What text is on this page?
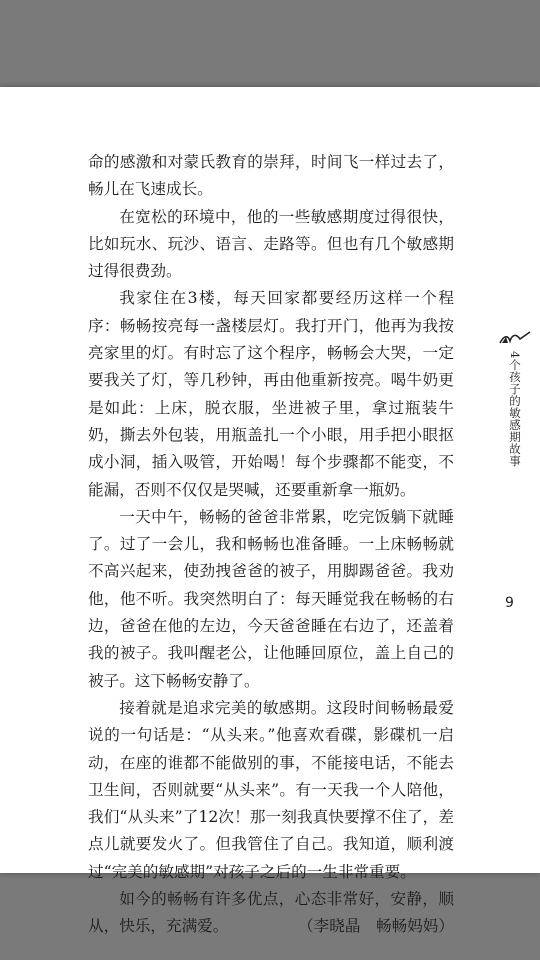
命的感激和对蒙氏教育的崇拜，时间飞一样过去了，畅儿在飞速成长。

在宽松的环境中，他的一些敏感期度过得很快，比如玩水、玩沙、语言、走路等。但也有几个敏感期过得很费劲。

我家住在3楼，每天回家都要经历这样一个程序：畅畅按亮每一盏楼层灯。我打开门，他再为我按亮家里的灯。有时忘了这个程序，畅畅会大哭，一定要我关了灯，等几秒钟，再由他重新按亮。喝牛奶更是如此：上床，脱衣服，坐进被子里，拿过瓶装牛奶，撕去外包装，用瓶盖扎一个小眼，用手把小眼抠成小洞，插入吸管，开始喝！每个步骤都不能变，不能漏，否则不仅仅是哭喊，还要重新拿一瓶奶。

一天中午，畅畅的爸爸非常累，吃完饭躺下就睡了。过了一会儿，我和畅畅也准备睡。一上床畅畅就不高兴起来，使劲拽爸爸的被子，用脚踢爸爸。我劝他，他不听。我突然明白了：每天睡觉我在畅畅的右边，爸爸在他的左边，今天爸爸睡在右边了，还盖着我的被子。我叫醒老公，让他睡回原位，盖上自己的被子。这下畅畅安静了。

接着就是追求完美的敏感期。这段时间畅畅最爱说的一句话是：“从头来。”他喜欢看碟，影碟机一启动，在座的谁都不能做别的事，不能接电话，不能去卫生间，否则就要“从头来”。有一天我一个人陪他，我们“从头来”了12次！那一刻我真快要撑不住了，差点儿就要发火了。但我管住了自己。我知道，顺利渡过“完美的敏感期”对孩子之后的一生非常重要。

如今的畅畅有许多优点，心态非常好，安静，顺从，快乐，充满爱。	（李晓晶　畅畅妈妈）

4个孩子的敏感期故事
9
